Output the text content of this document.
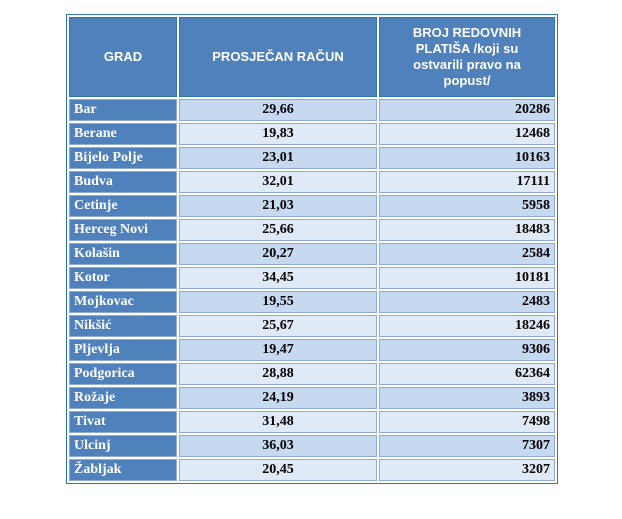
GRAD	PROSJEČAN RAČUN	BROJ REDOVNIH PLATIŠA /koji su ostvarili pravo na popust/
Bar	29,66	20286
Berane	19,83	12468
Bijelo Polje	23,01	10163
Budva	32,01	17111
Cetinje	21,03	5958
Herceg Novi	25,66	18483
Kolašin	20,27	2584
Kotor	34,45	10181
Mojkovac	19,55	2483
Nikšić	25,67	18246
Pljevlja	19,47	9306
Podgorica	28,88	62364
Rožaje	24,19	3893
Tivat	31,48	7498
Ulcinj	36,03	7307
Žabljak	20,45	3207
